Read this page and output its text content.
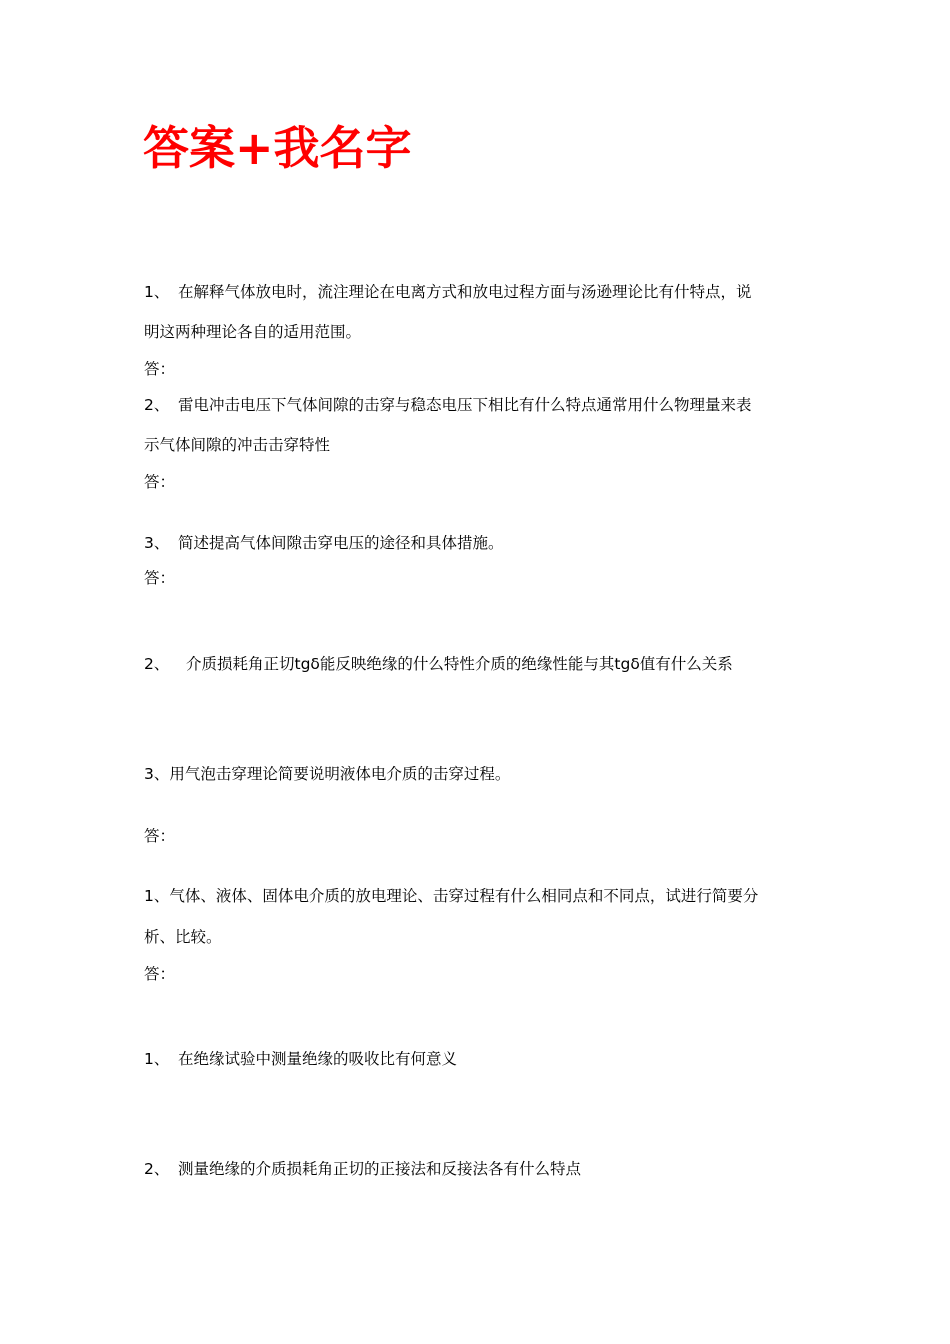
答案+我名字
1、 在解释气体放电时，流注理论在电离方式和放电过程方面与汤逊理论比有什特点，说
明这两种理论各自的适用范围。
答：
2、 雷电冲击电压下气体间隙的击穿与稳态电压下相比有什么特点通常用什么物理量来表
示气体间隙的冲击击穿特性
答：
3、 简述提高气体间隙击穿电压的途径和具体措施。
答：
2、 介质损耗角正切tgδ能反映绝缘的什么特性介质的绝缘性能与其tgδ值有什么关系
3、用气泡击穿理论简要说明液体电介质的击穿过程。
答：
1、气体、液体、固体电介质的放电理论、击穿过程有什么相同点和不同点，试进行简要分
析、比较。
答：
1、 在绝缘试验中测量绝缘的吸收比有何意义
2、 测量绝缘的介质损耗角正切的正接法和反接法各有什么特点
